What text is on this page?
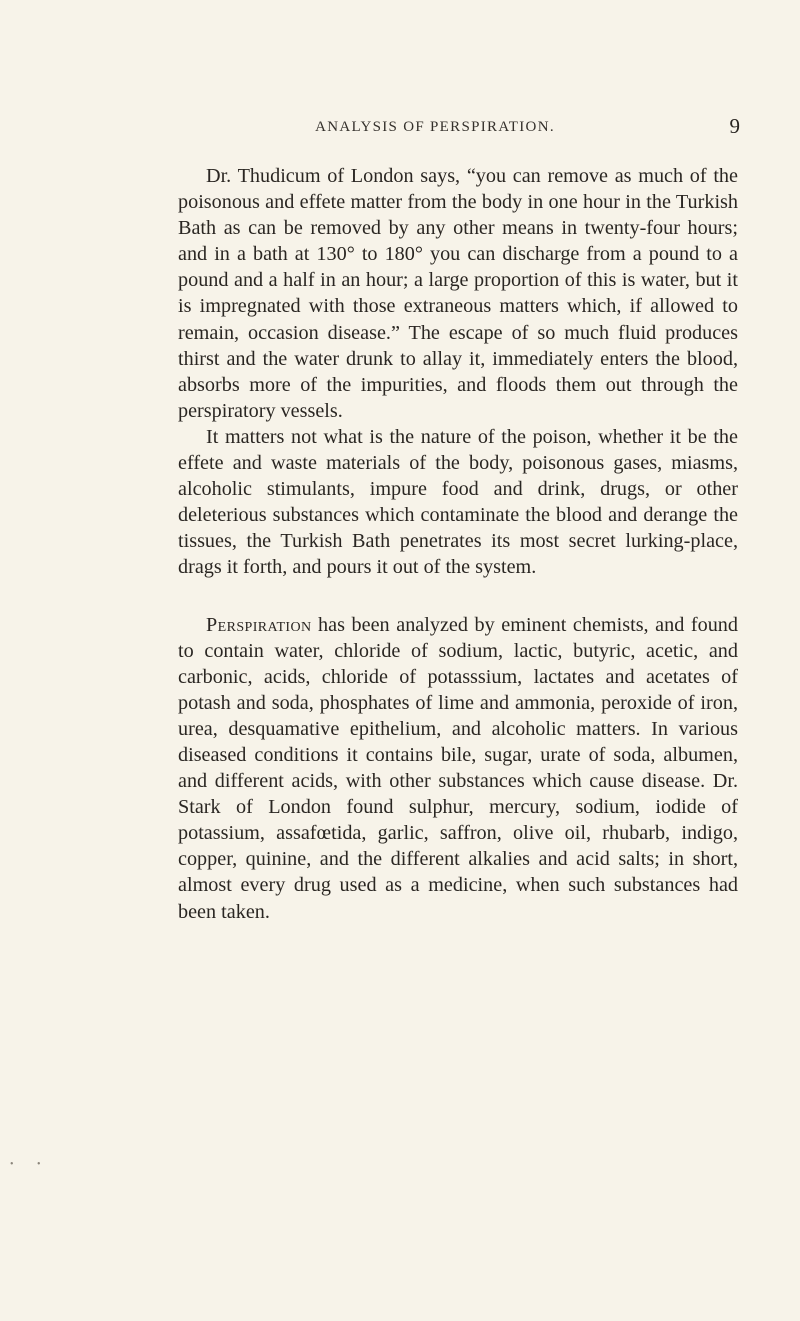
ANALYSIS OF PERSPIRATION.	9

Dr. Thudicum of London says, “you can remove as much of the poisonous and effete matter from the body in one hour in the Turkish Bath as can be removed by any other means in twenty-four hours; and in a bath at 130° to 180° you can discharge from a pound to a pound and a half in an hour; a large proportion of this is water, but it is impregnated with those extraneous matters which, if allowed to remain, occasion disease.” The escape of so much fluid produces thirst and the water drunk to allay it, immediately enters the blood, absorbs more of the impurities, and floods them out through the perspiratory vessels.

It matters not what is the nature of the poison, whether it be the effete and waste materials of the body, poisonous gases, miasms, alcoholic stimulants, impure food and drink, drugs, or other deleterious substances which contaminate the blood and derange the tissues, the Turkish Bath penetrates its most secret lurking-place, drags it forth, and pours it out of the system.

Perspiration has been analyzed by eminent chemists, and found to contain water, chloride of sodium, lactic, butyric, acetic, and carbonic, acids, chloride of potasssium, lactates and acetates of potash and soda, phosphates of lime and ammonia, peroxide of iron, urea, desquamative epithelium, and alcoholic matters. In various diseased conditions it contains bile, sugar, urate of soda, albumen, and different acids, with other substances which cause disease. Dr. Stark of London found sulphur, mercury, sodium, iodide of potassium, assafœtida, garlic, saffron, olive oil, rhubarb, indigo, copper, quinine, and the different alkalies and acid salts; in short, almost every drug used as a medicine, when such substances had been taken.

• •
